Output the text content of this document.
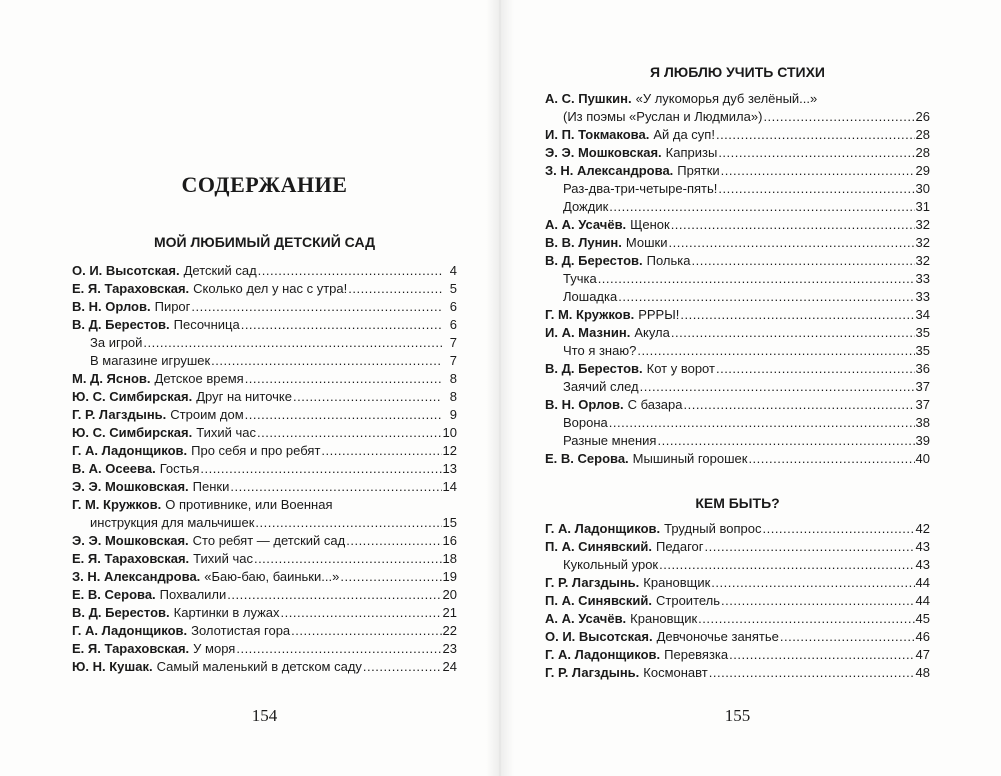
СОДЕРЖАНИЕ
МОЙ ЛЮБИМЫЙ ДЕТСКИЙ САД
О. И. Высотская. Детский сад .....	4
Е. Я. Тараховская. Сколько дел у нас с утра! .....	5
В. Н. Орлов. Пирог .....	6
В. Д. Берестов. Песочница .....	6
За игрой .....	7
В магазине игрушек .....	7
М. Д. Яснов. Детское время .....	8
Ю. С. Симбирская. Друг на ниточке .....	8
Г. Р. Лагздынь. Строим дом .....	9
Ю. С. Симбирская. Тихий час .....	10
Г. А. Ладонщиков. Про себя и про ребят .....	12
В. А. Осеева. Гостья .....	13
Э. Э. Мошковская. Пенки .....	14
Г. М. Кружков. О противнике, или Военная
инструкция для мальчишек .....	15
Э. Э. Мошковская. Сто ребят — детский сад .....	16
Е. Я. Тараховская. Тихий час .....	18
З. Н. Александрова. «Баю-баю, баиньки...» .....	19
Е. В. Серова. Похвалили .....	20
В. Д. Берестов. Картинки в лужах .....	21
Г. А. Ладонщиков. Золотистая гора .....	22
Е. Я. Тараховская. У моря .....	23
Ю. Н. Кушак. Самый маленький в детском саду .....	24
154
Я ЛЮБЛЮ УЧИТЬ СТИХИ
А. С. Пушкин. «У лукоморья дуб зелёный...»
(Из поэмы «Руслан и Людмила») .....	26
И. П. Токмакова. Ай да суп! .....	28
Э. Э. Мошковская. Капризы .....	28
З. Н. Александрова. Прятки .....	29
Раз-два-три-четыре-пять! .....	30
Дождик .....	31
А. А. Усачёв. Щенок .....	32
В. В. Лунин. Мошки .....	32
В. Д. Берестов. Полька .....	32
Тучка .....	33
Лошадка .....	33
Г. М. Кружков. РРРЫ! .....	34
И. А. Мазнин. Акула .....	35
Что я знаю? .....	35
В. Д. Берестов. Кот у ворот .....	36
Заячий след .....	37
В. Н. Орлов. С базара .....	37
Ворона .....	38
Разные мнения .....	39
Е. В. Серова. Мышиный горошек .....	40
КЕМ БЫТЬ?
Г. А. Ладонщиков. Трудный вопрос .....	42
П. А. Синявский. Педагог .....	43
Кукольный урок .....	43
Г. Р. Лагздынь. Крановщик .....	44
П. А. Синявский. Строитель .....	44
А. А. Усачёв. Крановщик .....	45
О. И. Высотская. Девчоночье занятье .....	46
Г. А. Ладонщиков. Перевязка .....	47
Г. Р. Лагздынь. Космонавт .....	48
155
